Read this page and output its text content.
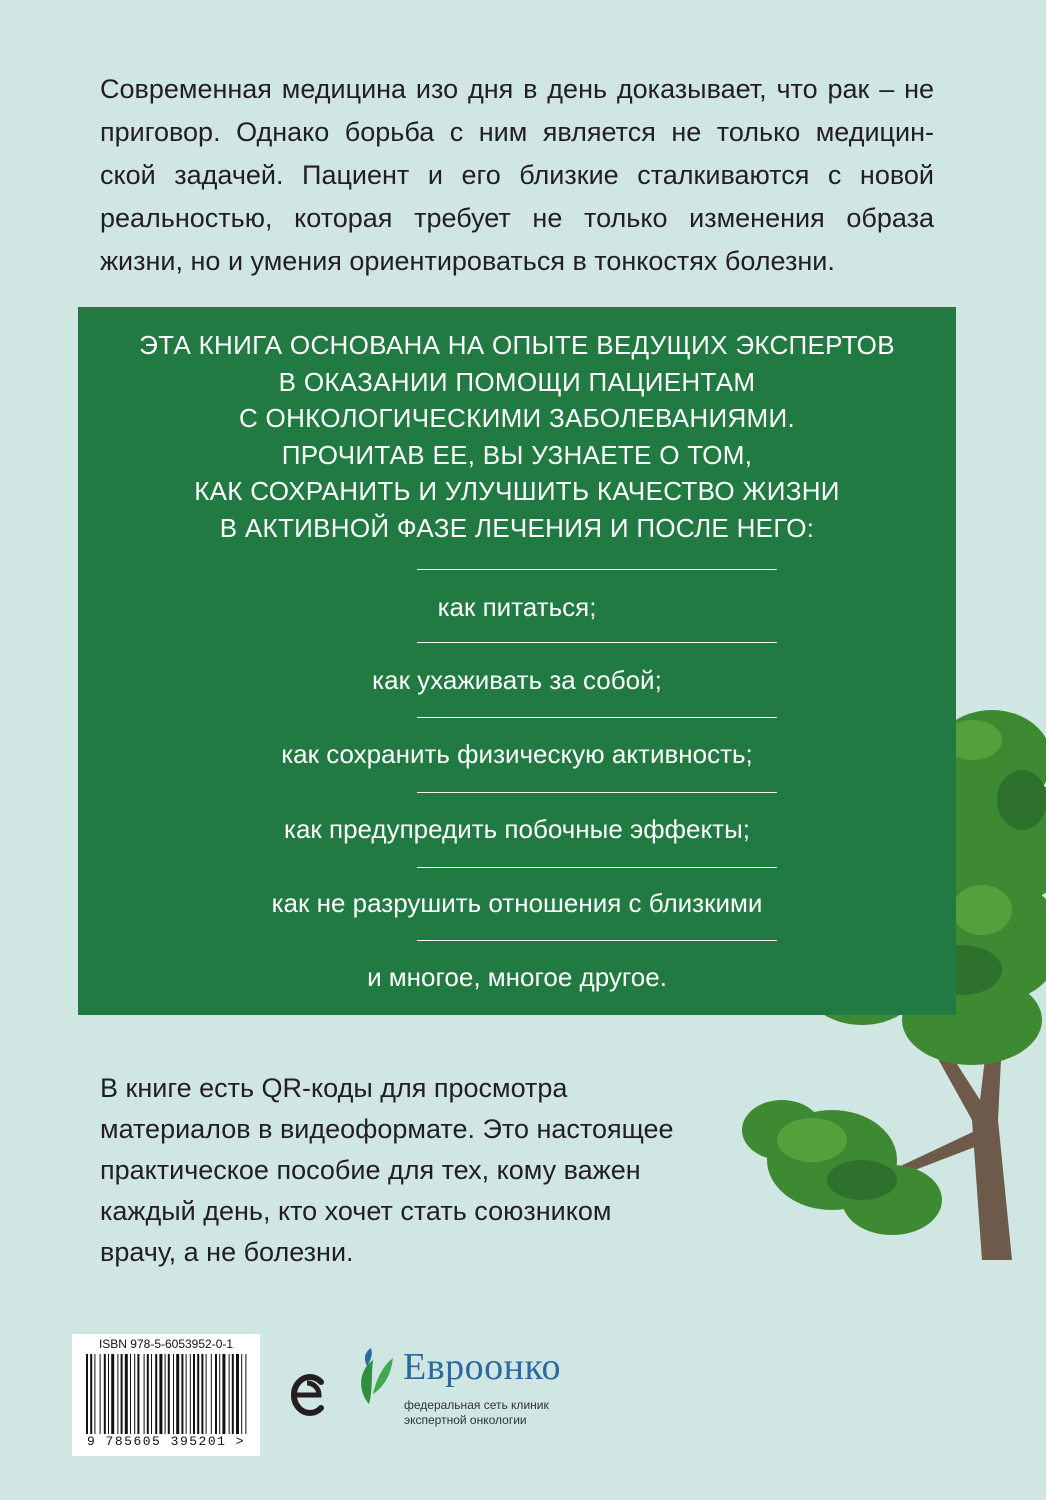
Современная медицина изо дня в день доказывает, что рак – не
приговор. Однако борьба с ним является не только медицин-
ской задачей. Пациент и его близкие сталкиваются с новой
реальностью, которая требует не только изменения образа
жизни, но и умения ориентироваться в тонкостях болезни.
ЭТА КНИГА ОСНОВАНА НА ОПЫТЕ ВЕДУЩИХ ЭКСПЕРТОВ
В ОКАЗАНИИ ПОМОЩИ ПАЦИЕНТАМ
С ОНКОЛОГИЧЕСКИМИ ЗАБОЛЕВАНИЯМИ.
ПРОЧИТАВ ЕЕ, ВЫ УЗНАЕТЕ О ТОМ,
КАК СОХРАНИТЬ И УЛУЧШИТЬ КАЧЕСТВО ЖИЗНИ
В АКТИВНОЙ ФАЗЕ ЛЕЧЕНИЯ И ПОСЛЕ НЕГО:

как питаться;

как ухаживать за собой;

как сохранить физическую активность;

как предупредить побочные эффекты;

как не разрушить отношения с близкими

и многое, многое другое.

В книге есть QR-коды для просмотра
материалов в видеоформате. Это настоящее
практическое пособие для тех, кому важен
каждый день, кто хочет стать союзником
врачу, а не болезни.
ISBN 978-5-6053952-0-1
9 785605 395201 >
Евроонко
федеральная сеть клиник
экспертной онкологии
